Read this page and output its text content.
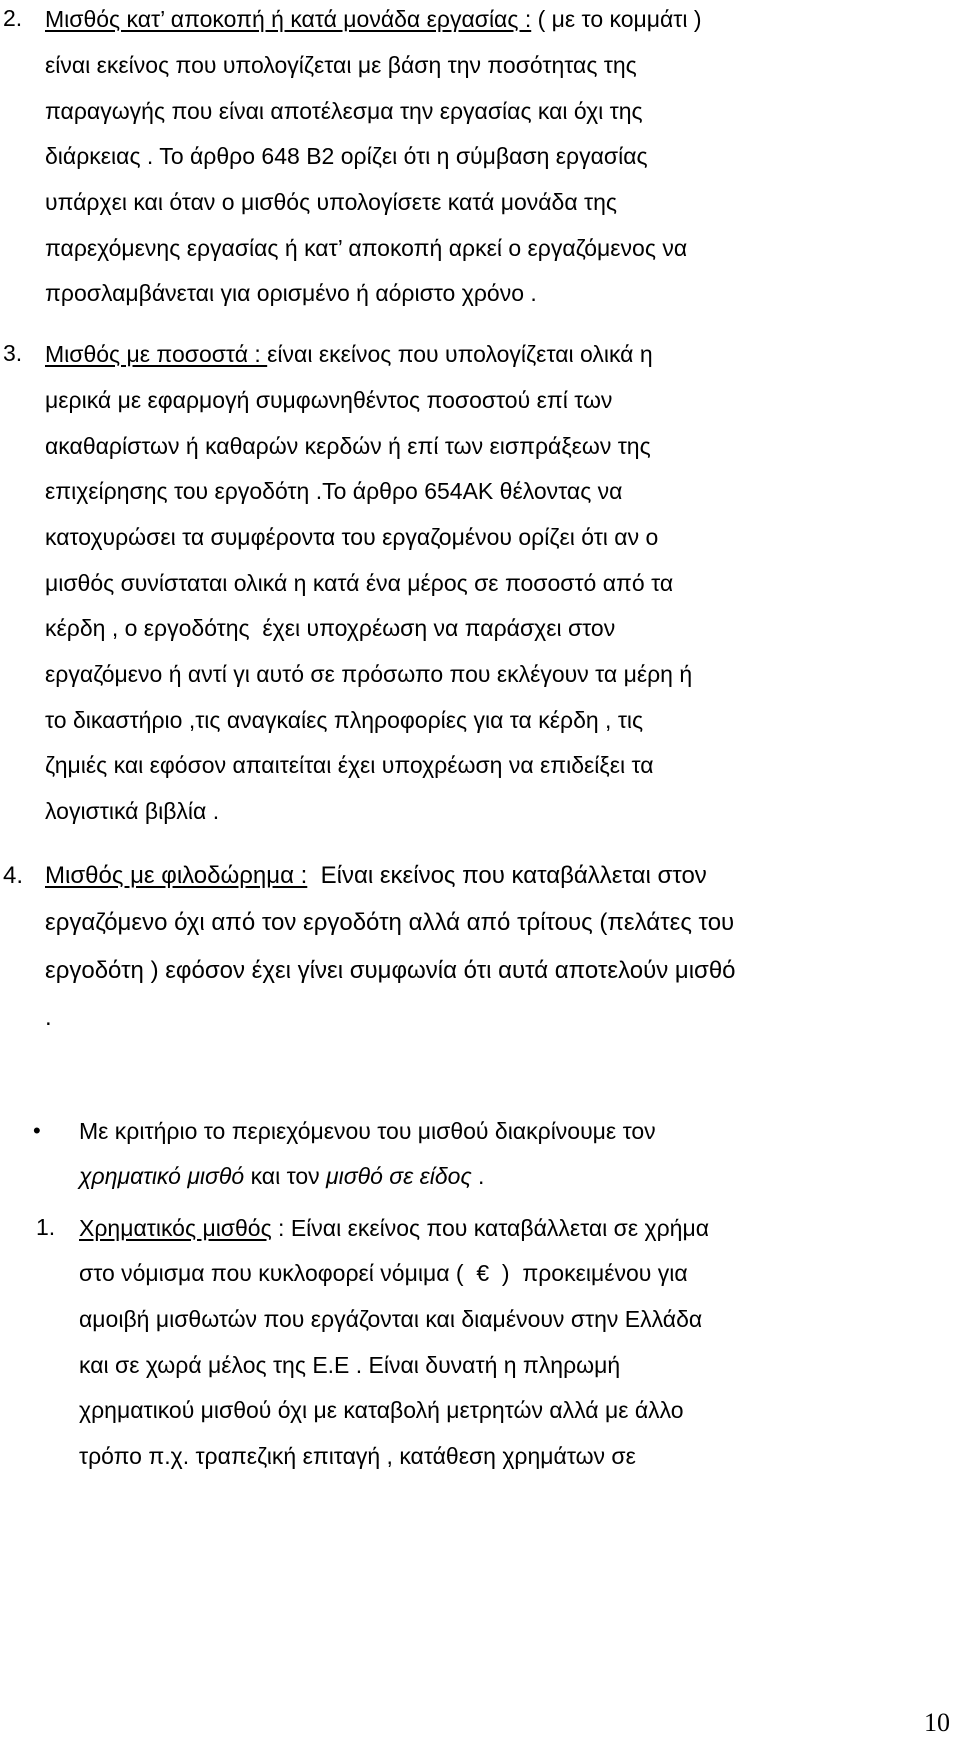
2. Μισθός κατ’ αποκοπή ή κατά μονάδα εργασίας : ( με το κομμάτι )
είναι εκείνος που υπολογίζεται με βάση την ποσότητας της
παραγωγής που είναι αποτέλεσμα την εργασίας και όχι της
διάρκειας . Το άρθρο 648 Β2 ορίζει ότι η σύμβαση εργασίας
υπάρχει και όταν ο μισθός υπολογίσετε κατά μονάδα της
παρεχόμενης εργασίας ή κατ’ αποκοπή αρκεί ο εργαζόμενος να
προσλαμβάνεται για ορισμένο ή αόριστο χρόνο .
3. Μισθός με ποσοστά : είναι εκείνος που υπολογίζεται ολικά η
μερικά με εφαρμογή συμφωνηθέντος ποσοστού επί των
ακαθαρίστων ή καθαρών κερδών ή επί των εισπράξεων της
επιχείρησης του εργοδότη .Το άρθρο 654ΑΚ θέλοντας να
κατοχυρώσει τα συμφέροντα του εργαζομένου ορίζει ότι αν ο
μισθός συνίσταται ολικά η κατά ένα μέρος σε ποσοστό από τα
κέρδη , ο εργοδότης  έχει υποχρέωση να παράσχει στον
εργαζόμενο ή αντί γι αυτό σε πρόσωπο που εκλέγουν τα μέρη ή
το δικαστήριο ,τις αναγκαίες πληροφορίες για τα κέρδη , τις
ζημιές και εφόσον απαιτείται έχει υποχρέωση να επιδείξει τα
λογιστικά βιβλία .
4. Μισθός με φιλοδώρημα :  Είναι εκείνος που καταβάλλεται στον
εργαζόμενο όχι από τον εργοδότη αλλά από τρίτους (πελάτες του
εργοδότη ) εφόσον έχει γίνει συμφωνία ότι αυτά αποτελούν μισθό
.
• Με κριτήριο το περιεχόμενου του μισθού διακρίνουμε τον
χρηματικό μισθό και τον μισθό σε είδος .
1. Χρηματικός μισθός : Είναι εκείνος που καταβάλλεται σε χρήμα
στο νόμισμα που κυκλοφορεί νόμιμα (  €  )  προκειμένου για
αμοιβή μισθωτών που εργάζονται και διαμένουν στην Ελλάδα
και σε χωρά μέλος της Ε.Ε . Είναι δυνατή η πληρωμή
χρηματικού μισθού όχι με καταβολή μετρητών αλλά με άλλο
τρόπο π.χ. τραπεζική επιταγή , κατάθεση χρημάτων σε
10
